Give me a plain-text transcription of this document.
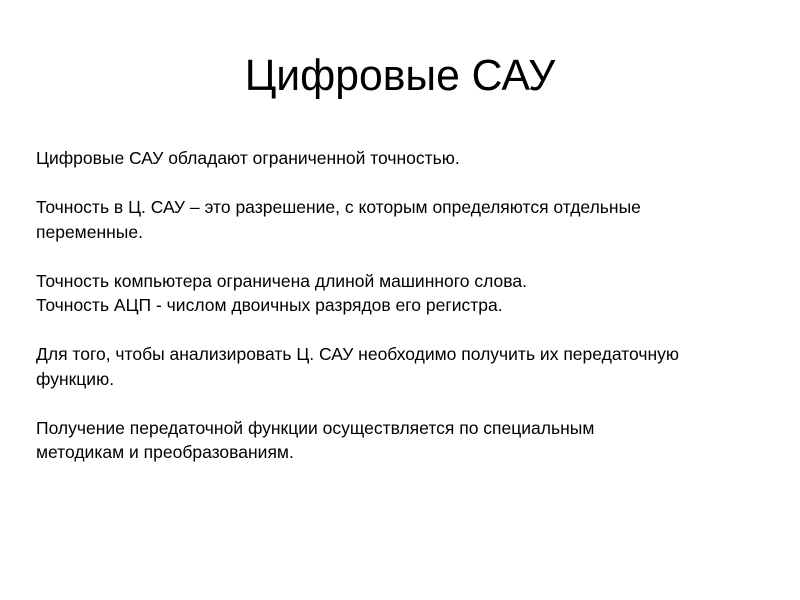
Цифровые САУ

Цифровые САУ обладают ограниченной точностью.

Точность в Ц. САУ – это разрешение, с которым определяются отдельные
переменные.

Точность компьютера ограничена длиной машинного слова.
Точность АЦП - числом двоичных разрядов его регистра.

Для того, чтобы анализировать Ц. САУ необходимо получить их передаточную
функцию.

Получение передаточной функции осуществляется по специальным
методикам и преобразованиям.
